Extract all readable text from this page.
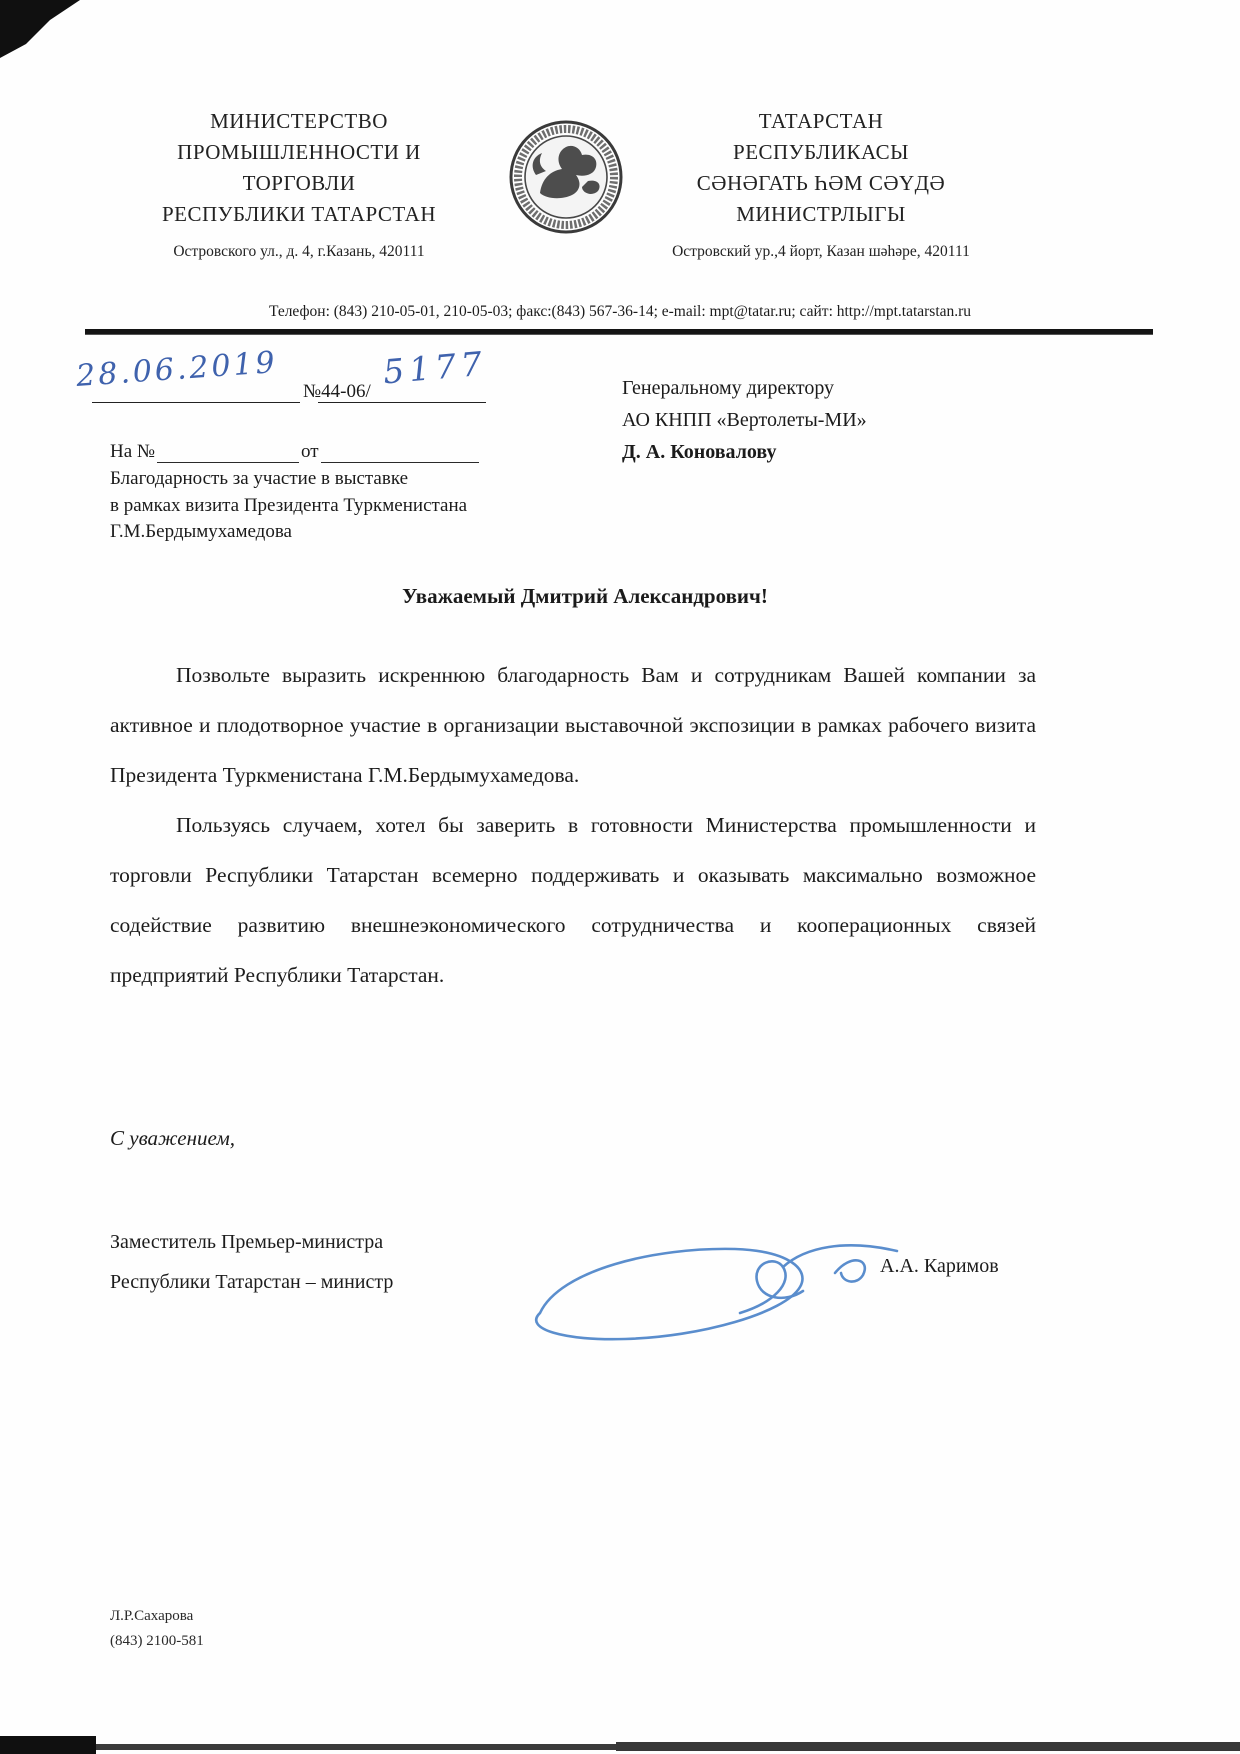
МИНИСТЕРСТВО
ПРОМЫШЛЕННОСТИ И
ТОРГОВЛИ
РЕСПУБЛИКИ ТАТАРСТАН
Островского ул., д. 4, г.Казань, 420111
ТАТАРСТАН
РЕСПУБЛИКАСЫ
СӘНӘГАТЬ ҺӘМ СӘҮДӘ
МИНИСТРЛЫГЫ
Островский ур.,4 йорт, Казан шәһәре, 420111
Телефон: (843) 210-05-01, 210-05-03; факс:(843) 567-36-14; e-mail: mpt@tatar.ru; сайт: http://mpt.tatarstan.ru
28.06.2019 №44-06/
5177	Генеральному директору
АО КНПП «Вертолеты-МИ»
Д. А. Коновалову
На №	от
Благодарность за участие в выставке
в рамках визита Президента Туркменистана
Г.М.Бердымухамедова
Уважаемый Дмитрий Александрович!

Позвольте выразить искреннюю благодарность Вам и сотрудникам Вашей компании за активное и плодотворное участие в организации выставочной экспозиции в рамках рабочего визита Президента Туркменистана Г.М.Бердымухамедова.

Пользуясь случаем, хотел бы заверить в готовности Министерства промышленности и торговли Республики Татарстан всемерно поддерживать и оказывать максимально возможное содействие развитию внешнеэкономического сотрудничества и кооперационных связей предприятий Республики Татарстан.

С уважением,
Заместитель Премьер-министра
Республики Татарстан – министр
А.А. Каримов
Л.Р.Сахарова
(843) 2100-581
